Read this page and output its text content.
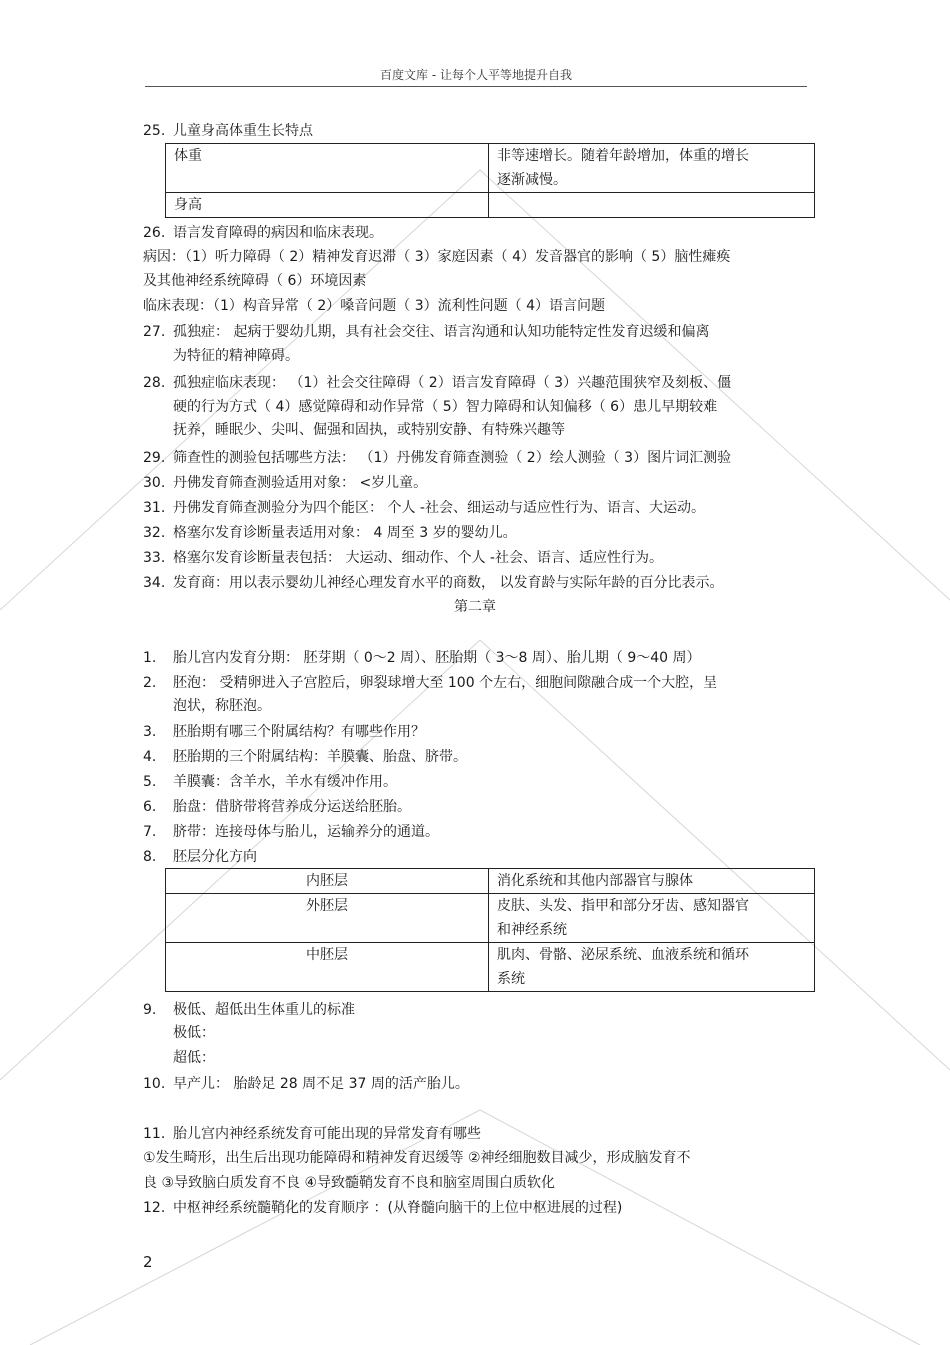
百度文库 - 让每个人平等地提升自我
25. 儿童身高体重生长特点
体重	非等速增长。随着年龄增加，体重的增长
逐渐减慢。

身高	
26. 语言发育障碍的病因和临床表现。
病因：（1）听力障碍（ 2）精神发育迟滞（ 3）家庭因素（ 4）发音器官的影响（ 5）脑性瘫痪
及其他神经系统障碍（ 6）环境因素
临床表现：（1）构音异常（ 2）嗓音问题（ 3）流利性问题（ 4）语言问题
27. 孤独症： 起病于婴幼儿期，具有社会交往、语言沟通和认知功能特定性发育迟缓和偏离
为特征的精神障碍。
28. 孤独症临床表现： （1）社会交往障碍（ 2）语言发育障碍（ 3）兴趣范围狭窄及刻板、僵
硬的行为方式（ 4）感觉障碍和动作异常（ 5）智力障碍和认知偏移（ 6）患儿早期较难
抚养，睡眠少、尖叫、倔强和固执，或特别安静、有特殊兴趣等
29. 筛查性的测验包括哪些方法： （1）丹佛发育筛查测验（ 2）绘人测验（ 3）图片词汇测验
30. 丹佛发育筛查测验适用对象： <岁儿童。
31. 丹佛发育筛查测验分为四个能区： 个人 -社会、细运动与适应性行为、语言、大运动。
32. 格塞尔发育诊断量表适用对象： 4 周至 3 岁的婴幼儿。
33. 格塞尔发育诊断量表包括： 大运动、细动作、个人 -社会、语言、适应性行为。
34. 发育商：用以表示婴幼儿神经心理发育水平的商数， 以发育龄与实际年龄的百分比表示。
第二章
1. 胎儿宫内发育分期： 胚芽期（ 0～2 周）、胚胎期（ 3～8 周）、胎儿期（ 9～40 周）
2. 胚泡： 受精卵进入子宫腔后，卵裂球增大至 100 个左右，细胞间隙融合成一个大腔，呈
泡状，称胚泡。
3. 胚胎期有哪三个附属结构？有哪些作用？
4. 胚胎期的三个附属结构：羊膜囊、胎盘、脐带。
5. 羊膜囊：含羊水，羊水有缓冲作用。
6. 胎盘：借脐带将营养成分运送给胚胎。
7. 脐带：连接母体与胎儿，运输养分的通道。
8. 胚层分化方向
内胚层	消化系统和其他内部器官与腺体
外胚层	皮肤、头发、指甲和部分牙齿、感知器官
和神经系统

中胚层	肌肉、骨骼、泌尿系统、血液系统和循环
系统
9. 极低、超低出生体重儿的标准
极低：
超低：
10. 早产儿： 胎龄足 28 周不足 37 周的活产胎儿。
11. 胎儿宫内神经系统发育可能出现的异常发育有哪些
①发生畸形，出生后出现功能障碍和精神发育迟缓等 ②神经细胞数目减少，形成脑发育不
良 ③导致脑白质发育不良 ④导致髓鞘发育不良和脑室周围白质软化
12. 中枢神经系统髓鞘化的发育顺序 ：(从脊髓向脑干的上位中枢进展的过程)
2
